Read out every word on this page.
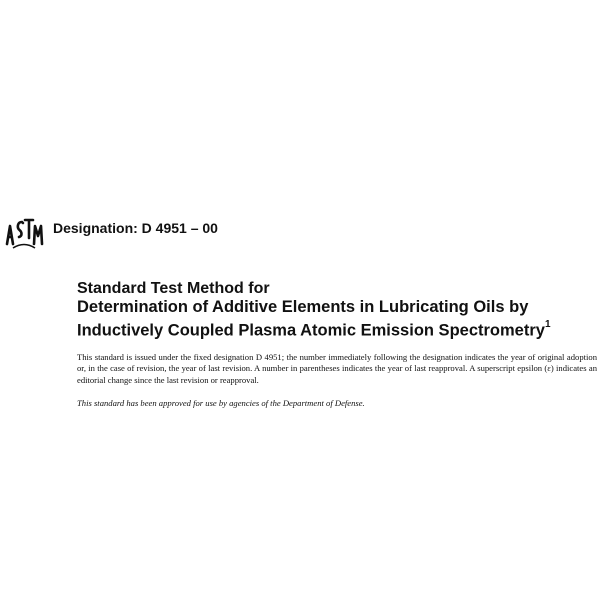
Designation: D 4951 – 00
Standard Test Method for
Determination of Additive Elements in Lubricating Oils by
Inductively Coupled Plasma Atomic Emission Spectrometry$^1$
This standard is issued under the fixed designation D 4951; the number immediately following the designation indicates the year of original adoption or, in the case of revision, the year of last revision. A number in parentheses indicates the year of last reapproval. A superscript epsilon (ε) indicates an editorial change since the last revision or reapproval.
This standard has been approved for use by agencies of the Department of Defense.
